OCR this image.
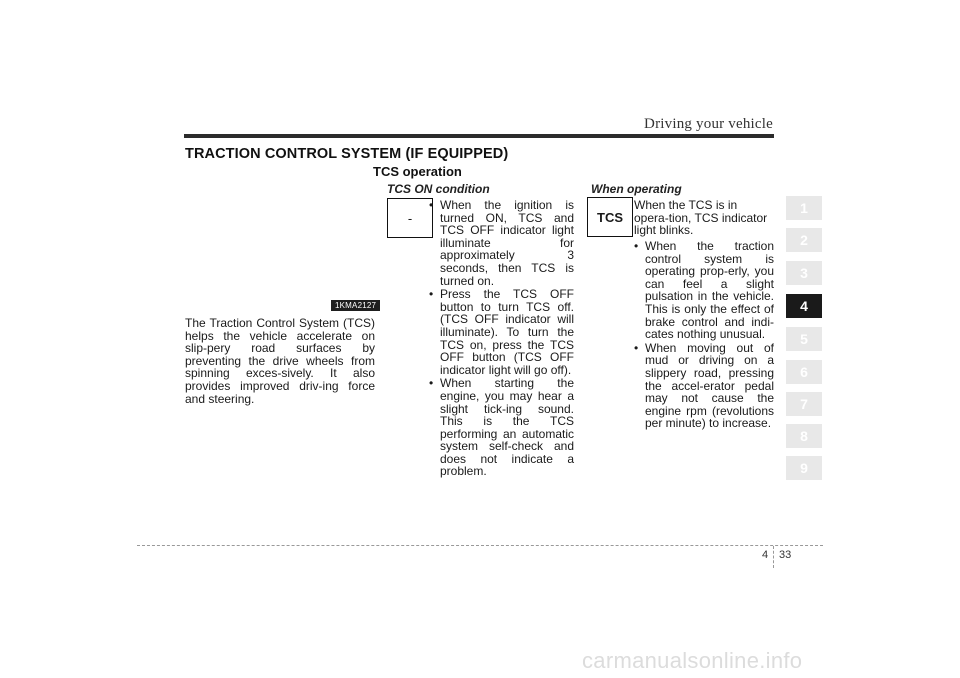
Driving your vehicle
TRACTION CONTROL SYSTEM (IF EQUIPPED)
TCS operation
1KMA2127
The Traction Control System (TCS) helps the vehicle accelerate on slip-pery road surfaces by preventing the drive wheels from spinning exces-sively. It also provides improved driv-ing force and steering.
TCS ON condition
-
• When the ignition is turned ON, TCS and TCS OFF indicator light illuminate for approximately 3 seconds, then TCS is turned on.
• Press the TCS OFF button to turn TCS off. (TCS OFF indicator will illuminate). To turn the TCS on, press the TCS OFF button (TCS OFF indicator light will go off).
• When starting the engine, you may hear a slight tick-ing sound. This is the TCS performing an automatic system self-check and does not indicate a problem.
When operating
TCS
When the TCS is in opera-tion, TCS indicator light blinks.
• When the traction control system is operating prop-erly, you can feel a slight pulsation in the vehicle. This is only the effect of brake control and indi-cates nothing unusual.
• When moving out of mud or driving on a slippery road, pressing the accel-erator pedal may not cause the engine rpm (revolutions per minute) to increase.
1
2
3
4
5
6
7
8
9
4 33
carmanualsonline.info
